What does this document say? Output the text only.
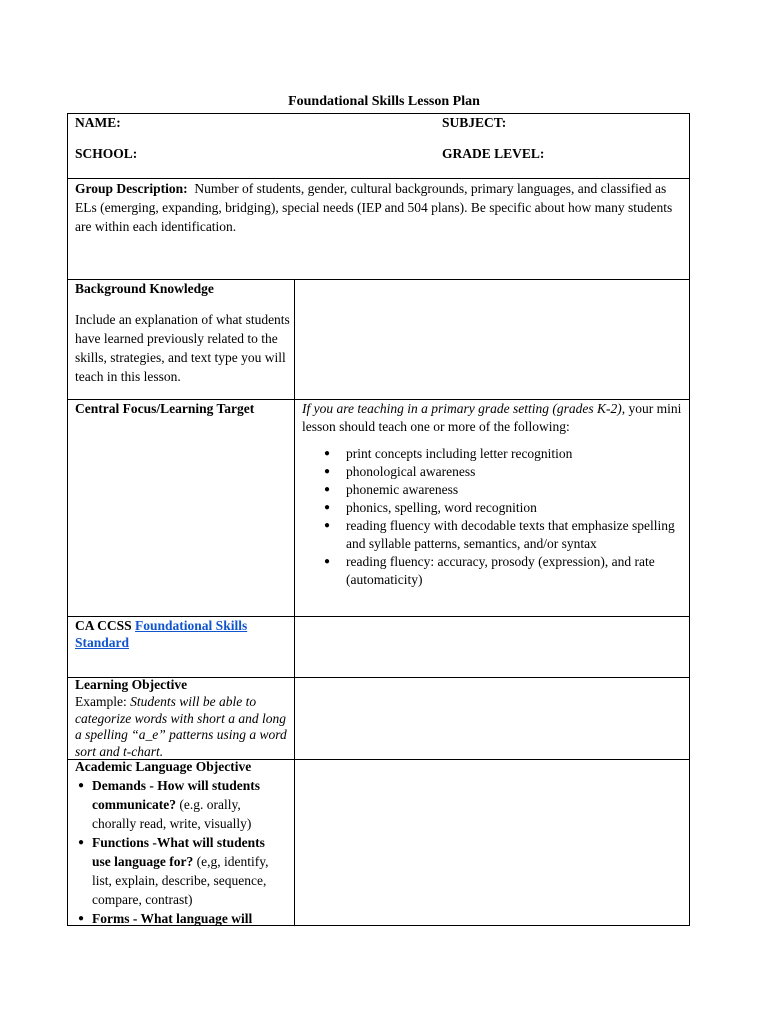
Foundational Skills Lesson Plan
NAME:	SUBJECT:
SCHOOL:	GRADE LEVEL:
Group Description: Number of students, gender, cultural backgrounds, primary languages, and classified as ELs (emerging, expanding, bridging), special needs (IEP and 504 plans). Be specific about how many students are within each identification.
Background Knowledge
Include an explanation of what students have learned previously related to the skills, strategies, and text type you will teach in this lesson.
Central Focus/Learning Target	If you are teaching in a primary grade setting (grades K-2), your mini lesson should teach one or more of the following:
● print concepts including letter recognition
● phonological awareness
● phonemic awareness
● phonics, spelling, word recognition
● reading fluency with decodable texts that emphasize spelling and syllable patterns, semantics, and/or syntax
● reading fluency: accuracy, prosody (expression), and rate (automaticity)
CA CCSS Foundational Skills Standard
Learning Objective
Example: Students will be able to categorize words with short a and long a spelling “a_e” patterns using a word sort and t-chart.
Academic Language Objective
● Demands - How will students communicate? (e.g. orally, chorally read, write, visually)
● Functions -What will students use language for? (e,g, identify, list, explain, describe, sequence, compare, contrast)
● Forms - What language will
